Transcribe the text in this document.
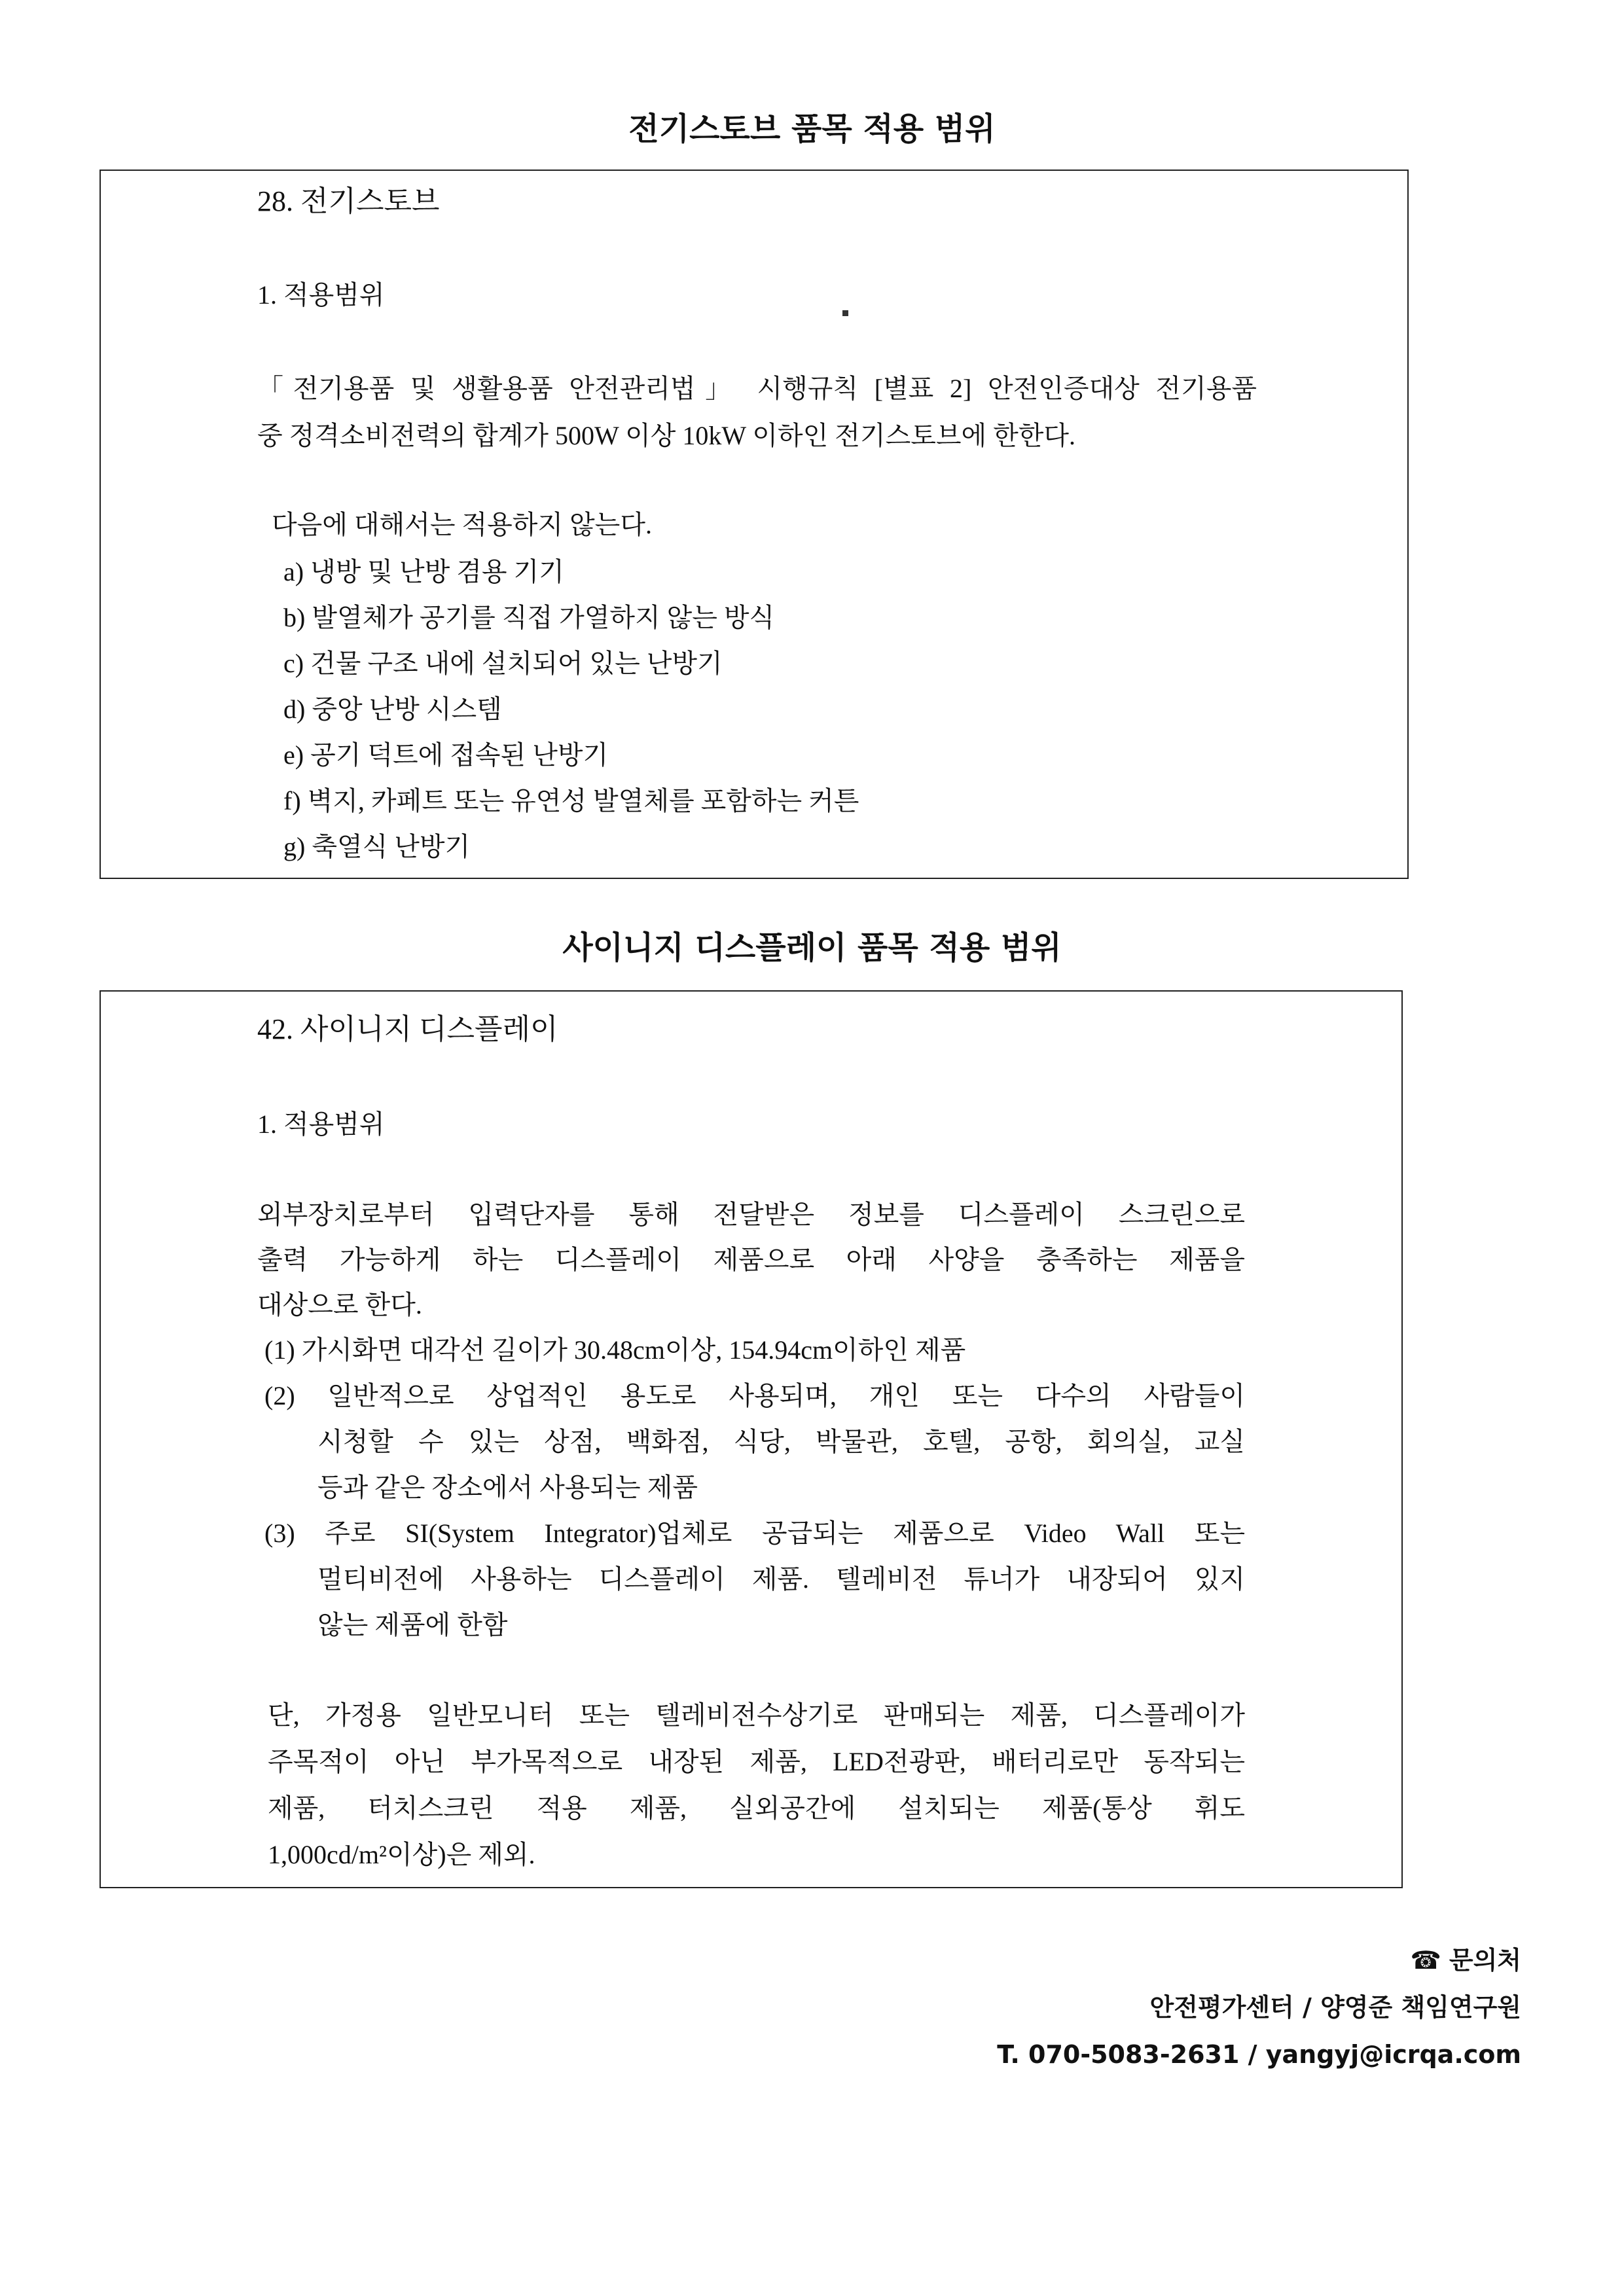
전기스토브 품목 적용 범위
28. 전기스토브
1. 적용범위
「전기용품 및 생활용품 안전관리법」 시행규칙 [별표 2] 안전인증대상 전기용품
중 정격소비전력의 합계가 500W 이상 10kW 이하인 전기스토브에 한한다.
다음에 대해서는 적용하지 않는다.
a) 냉방 및 난방 겸용 기기
b) 발열체가 공기를 직접 가열하지 않는 방식
c) 건물 구조 내에 설치되어 있는 난방기
d) 중앙 난방 시스템
e) 공기 덕트에 접속된 난방기
f) 벽지, 카페트 또는 유연성 발열체를 포함하는 커튼
g) 축열식 난방기
사이니지 디스플레이 품목 적용 범위
42. 사이니지 디스플레이
1. 적용범위
외부장치로부터 입력단자를 통해 전달받은 정보를 디스플레이 스크린으로
출력 가능하게 하는 디스플레이 제품으로 아래 사양을 충족하는 제품을
대상으로 한다.
(1) 가시화면 대각선 길이가 30.48cm이상, 154.94cm이하인 제품
(2) 일반적으로 상업적인 용도로 사용되며, 개인 또는 다수의 사람들이
시청할 수 있는 상점, 백화점, 식당, 박물관, 호텔, 공항, 회의실, 교실
등과 같은 장소에서 사용되는 제품
(3) 주로 SI(System Integrator)업체로 공급되는 제품으로 Video Wall 또는
멀티비전에 사용하는 디스플레이 제품. 텔레비전 튜너가 내장되어 있지
않는 제품에 한함
단, 가정용 일반모니터 또는 텔레비전수상기로 판매되는 제품, 디스플레이가
주목적이 아닌 부가목적으로 내장된 제품, LED전광판, 배터리로만 동작되는
제품, 터치스크린 적용 제품, 실외공간에 설치되는 제품(통상 휘도
1,000cd/m²이상)은 제외.
☎ 문의처
안전평가센터 / 양영준 책임연구원
T. 070-5083-2631 / yangyj@icrqa.com
